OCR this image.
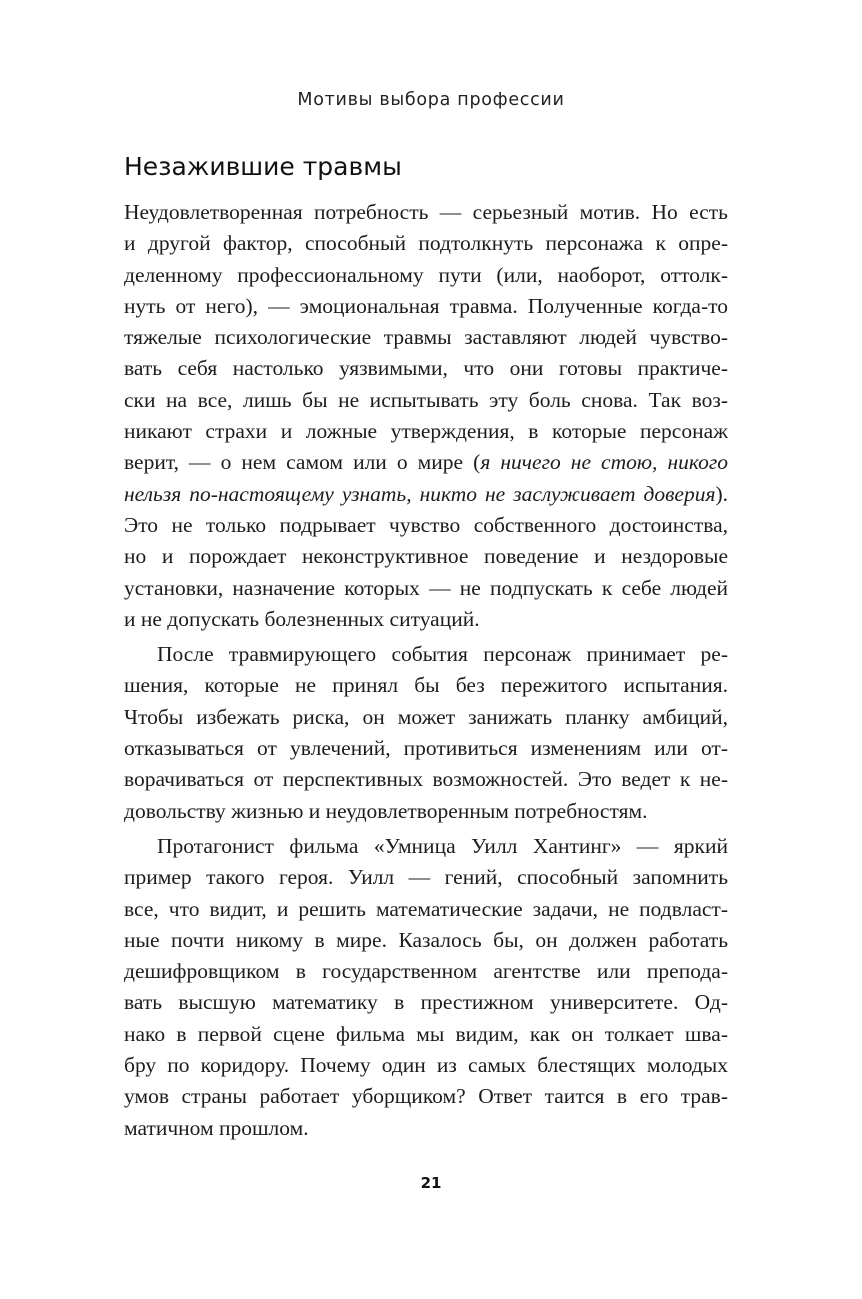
Мотивы выбора профессии
Незажившие травмы
Неудовлетворенная потребность — серьезный мотив. Но есть
и другой фактор, способный подтолкнуть персонажа к опре-
деленному профессиональному пути (или, наоборот, оттолк-
нуть от него), — эмоциональная травма. Полученные когда-то
тяжелые психологические травмы заставляют людей чувство-
вать себя настолько уязвимыми, что они готовы практиче-
ски на все, лишь бы не испытывать эту боль снова. Так воз-
никают страхи и ложные утверждения, в которые персонаж
верит, — о нем самом или о мире (я ничего не стою, никого
нельзя по-настоящему узнать, никто не заслуживает доверия).
Это не только подрывает чувство собственного достоинства,
но и порождает неконструктивное поведение и нездоровые
установки, назначение которых — не подпускать к себе людей
и не допускать болезненных ситуаций.
После травмирующего события персонаж принимает ре-
шения, которые не принял бы без пережитого испытания.
Чтобы избежать риска, он может занижать планку амбиций,
отказываться от увлечений, противиться изменениям или от-
ворачиваться от перспективных возможностей. Это ведет к не-
довольству жизнью и неудовлетворенным потребностям.
Протагонист фильма «Умница Уилл Хантинг» — яркий
пример такого героя. Уилл — гений, способный запомнить
все, что видит, и решить математические задачи, не подвласт-
ные почти никому в мире. Казалось бы, он должен работать
дешифровщиком в государственном агентстве или препода-
вать высшую математику в престижном университете. Од-
нако в первой сцене фильма мы видим, как он толкает шва-
бру по коридору. Почему один из самых блестящих молодых
умов страны работает уборщиком? Ответ таится в его трав-
матичном прошлом.
21
